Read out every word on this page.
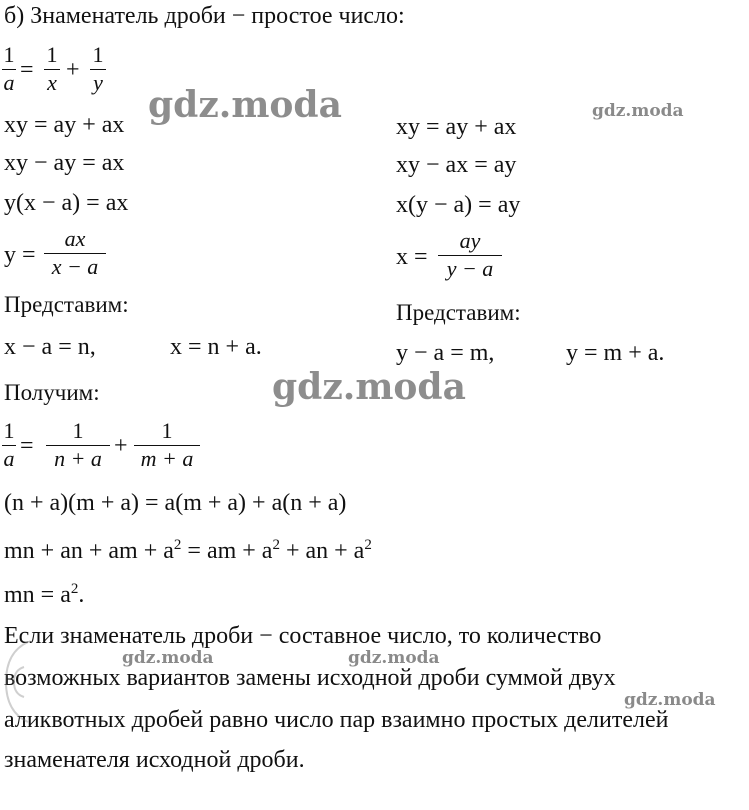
б) Знаменатель дроби − простое число:
1
a =
1
x +
1
y
xy = ay + ax
xy − ay = ax
y(x − a) = ax
y =
ax
x − a
Представим:
x − a = n,	x = n + a.
xy = ay + ax
xy − ax = ay
x(y − a) = ay
x =
ay
y − a
Представим:
y − a = m,	y = m + a.
Получим:
1
a =
1
n + a +
1
m + a
(n + a)(m + a) = a(m + a) + a(n + a)
mn + an + am + $a^2$ = am + $a^2$ + an + $a^2$
mn = $a^2$.
Если знаменатель дроби − составное число, то количество
возможных вариантов замены исходной дроби суммой двух
аликвотных дробей равно число пар взаимно простых делителей
знаменателя исходной дроби.
gdz.moda
gdz.moda
gdz.moda
gdz.moda	gdz.moda
gdz.moda
